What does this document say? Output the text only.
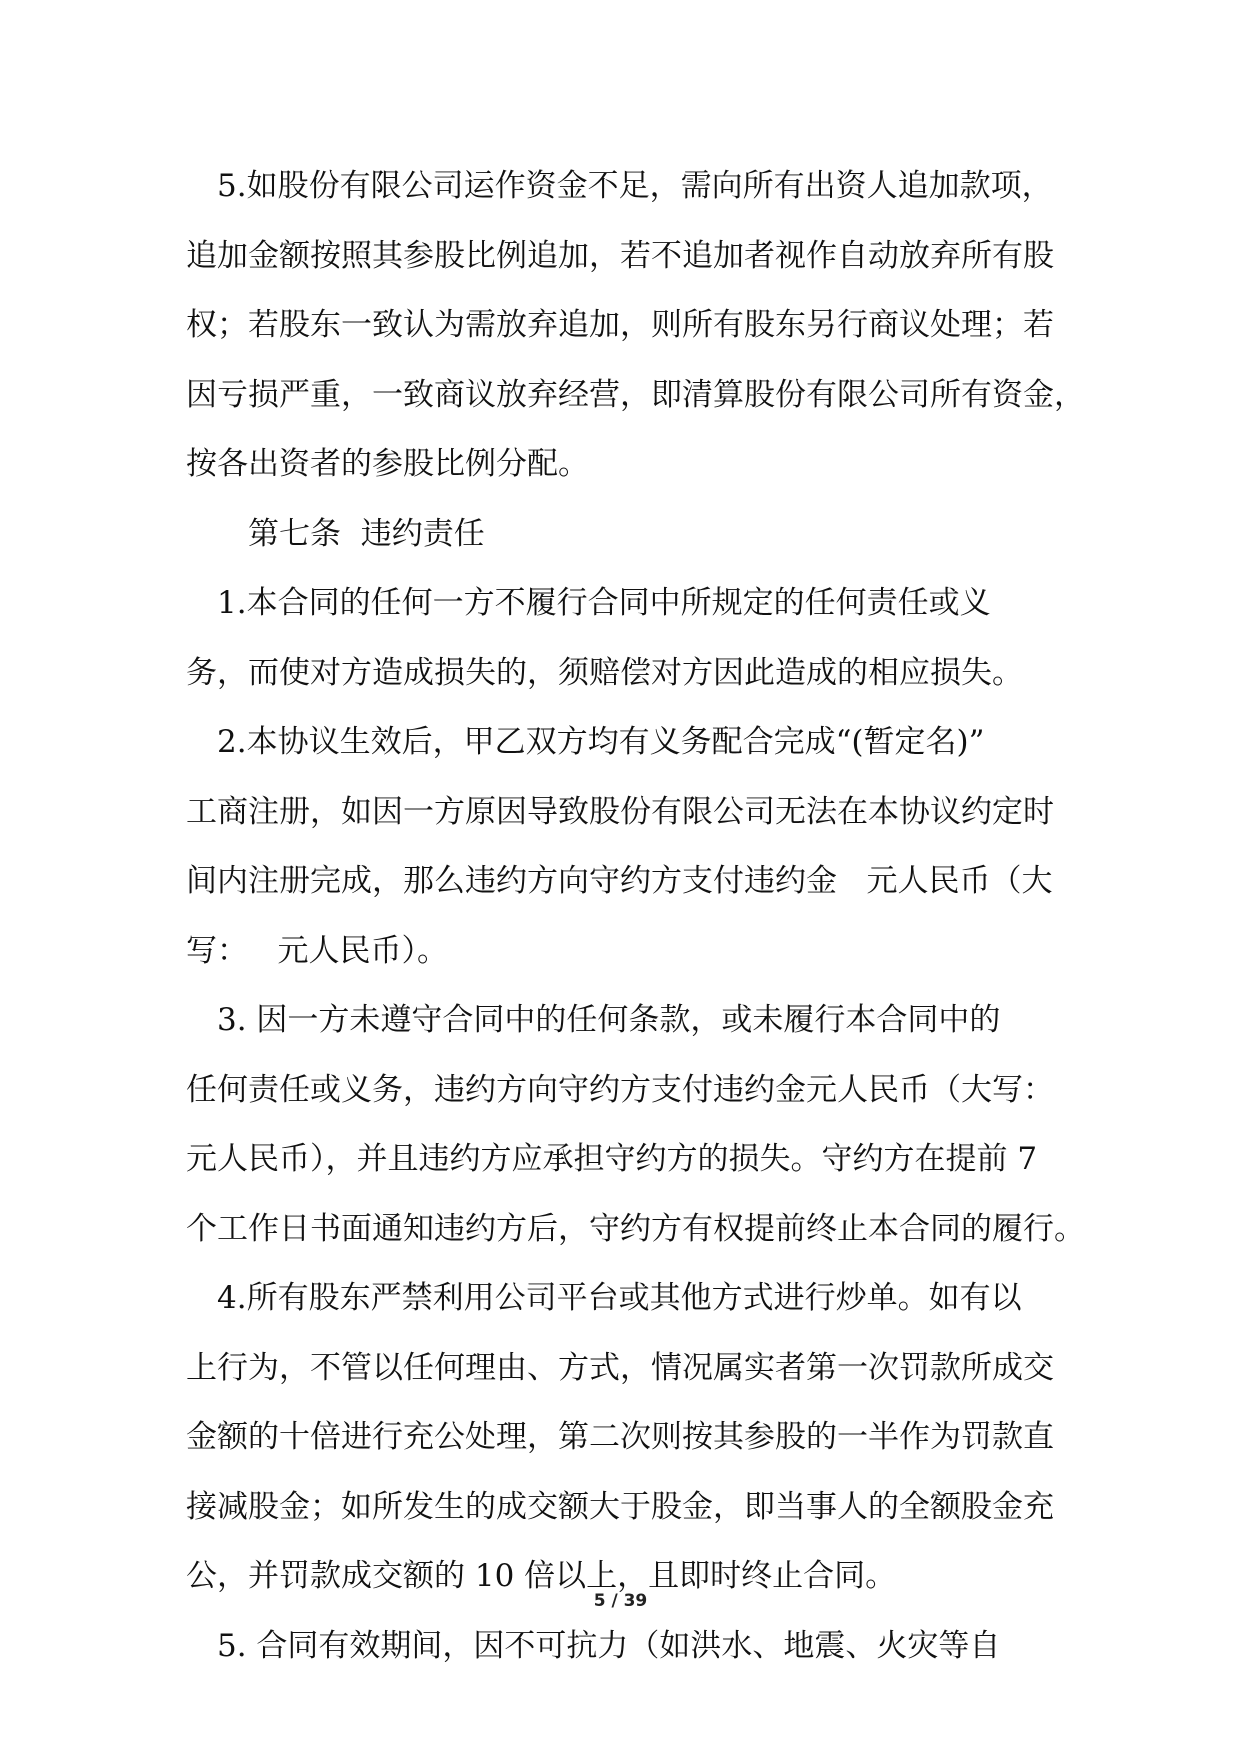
　5.如股份有限公司运作资金不足，需向所有出资人追加款项，
追加金额按照其参股比例追加，若不追加者视作自动放弃所有股
权；若股东一致认为需放弃追加，则所有股东另行商议处理；若
因亏损严重，一致商议放弃经营，即清算股份有限公司所有资金，
按各出资者的参股比例分配。
第七条  违约责任
　1.本合同的任何一方不履行合同中所规定的任何责任或义
务，而使对方造成损失的，须赔偿对方因此造成的相应损失。
　2.本协议生效后，甲乙双方均有义务配合完成“(暂定名)”
工商注册，如因一方原因导致股份有限公司无法在本协议约定时
间内注册完成，那么违约方向守约方支付违约金   元人民币（大
写：   元人民币）。
　3. 因一方未遵守合同中的任何条款，或未履行本合同中的
任何责任或义务，违约方向守约方支付违约金元人民币（大写：
元人民币），并且违约方应承担守约方的损失。守约方在提前 7
个工作日书面通知违约方后，守约方有权提前终止本合同的履行。
　4.所有股东严禁利用公司平台或其他方式进行炒单。如有以
上行为，不管以任何理由、方式，情况属实者第一次罚款所成交
金额的十倍进行充公处理，第二次则按其参股的一半作为罚款直
接减股金；如所发生的成交额大于股金，即当事人的全额股金充
公，并罚款成交额的 10 倍以上，且即时终止合同。
　5. 合同有效期间，因不可抗力（如洪水、地震、火灾等自
5 / 39
